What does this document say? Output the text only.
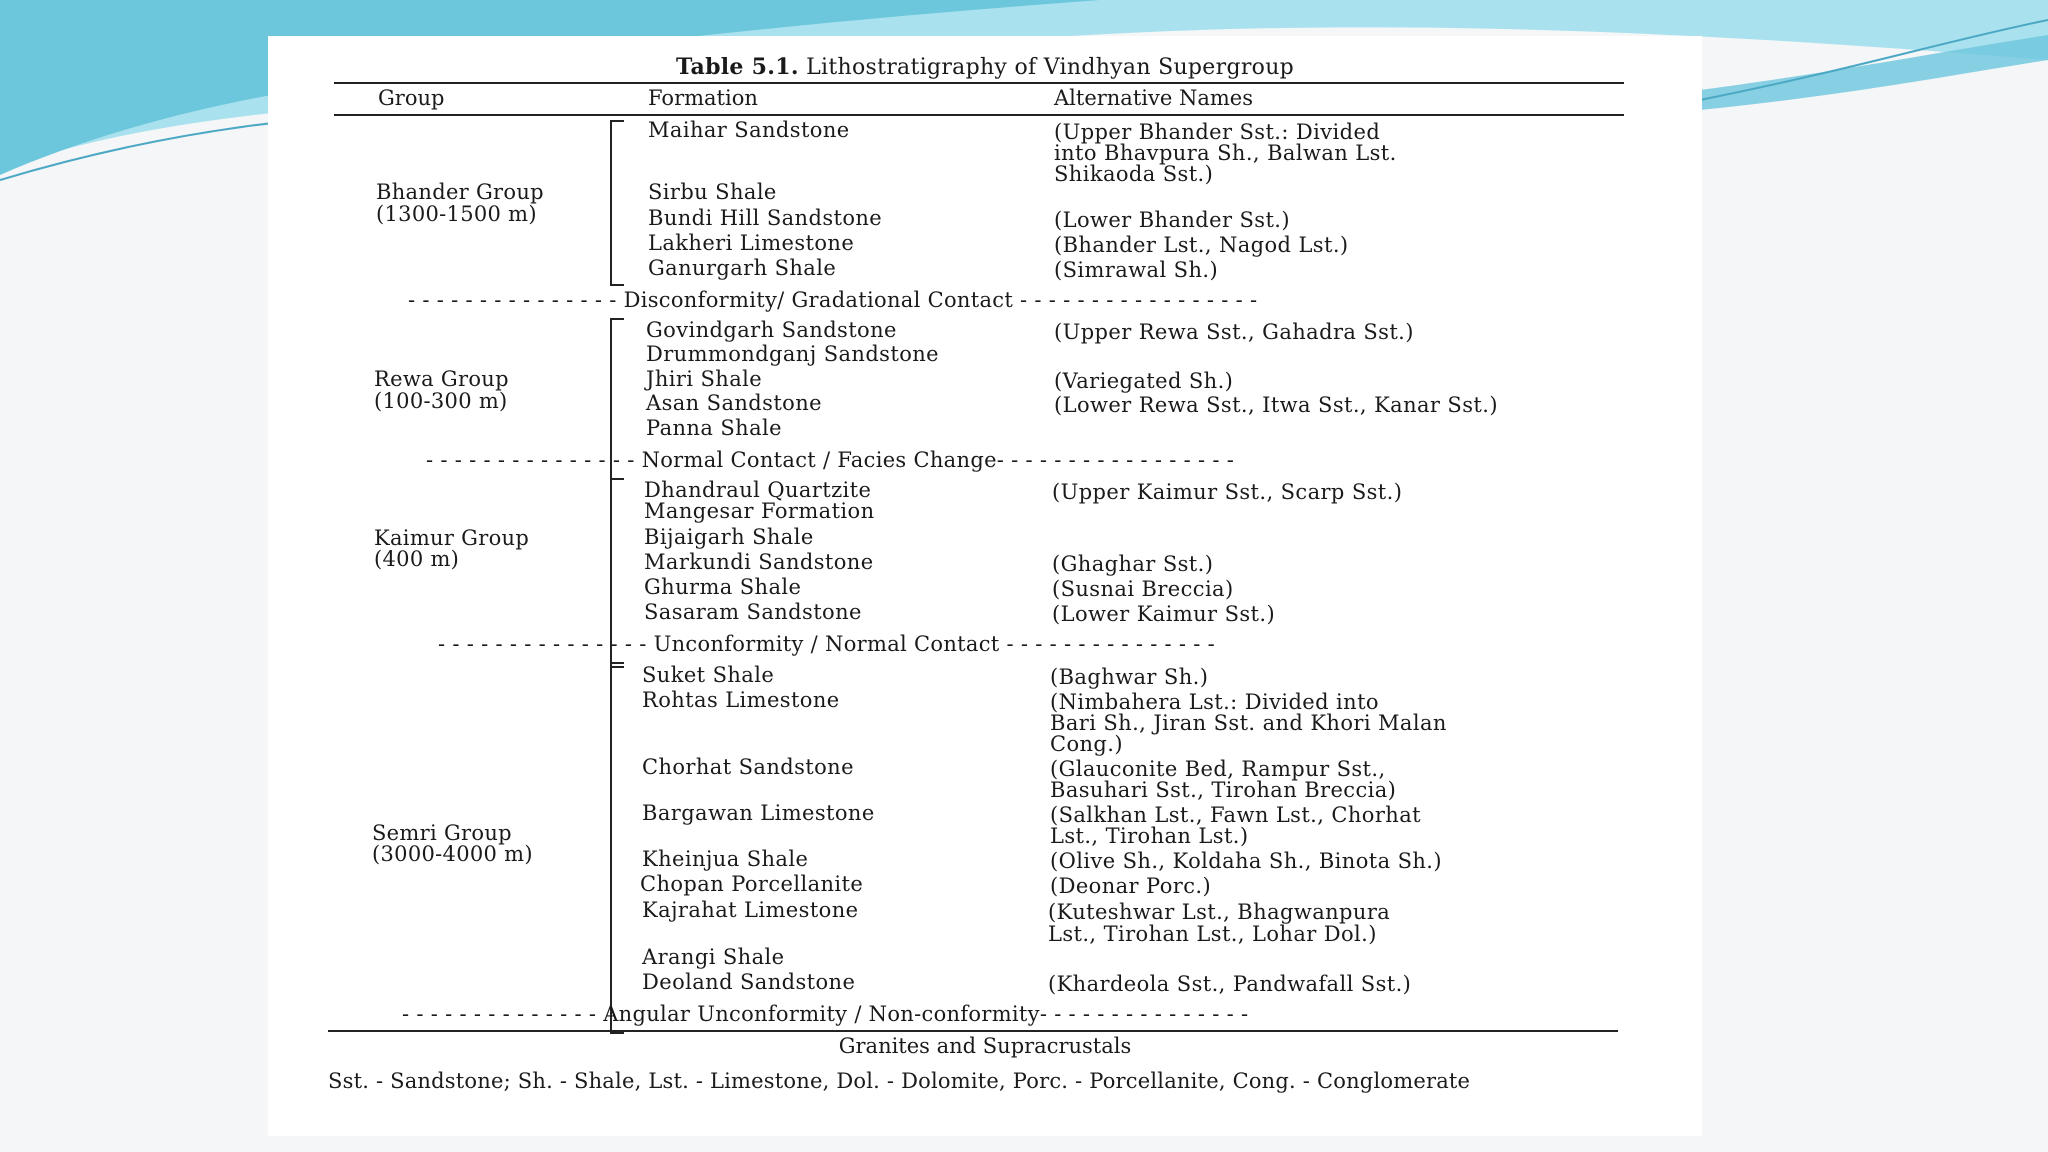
Table 5.1. Lithostratigraphy of Vindhyan Supergroup
Group	Formation	Alternative Names
Bhander Group
(1300-1500 m)
Maihar Sandstone	(Upper Bhander Sst.: Divided
into Bhavpura Sh., Balwan Lst.
Shikaoda Sst.)
Sirbu Shale
Bundi Hill Sandstone	(Lower Bhander Sst.)
Lakheri Limestone	(Bhander Lst., Nagod Lst.)
Ganurgarh Shale	(Simrawal Sh.)
- - - - - - - - - - - - - - - Disconformity/ Gradational Contact - - - - - - - - - - - - - - - - -
Rewa Group
(100-300 m)
Govindgarh Sandstone	(Upper Rewa Sst., Gahadra Sst.)
Drummondganj Sandstone
Jhiri Shale	(Variegated Sh.)
Asan Sandstone	(Lower Rewa Sst., Itwa Sst., Kanar Sst.)
Panna Shale
- - - - - - - - - - - - - - - Normal Contact / Facies Change- - - - - - - - - - - - - - - - -
Kaimur Group
(400 m)
Dhandraul Quartzite	(Upper Kaimur Sst., Scarp Sst.)
Mangesar Formation
Bijaigarh Shale
Markundi Sandstone	(Ghaghar Sst.)
Ghurma Shale	(Susnai Breccia)
Sasaram Sandstone	(Lower Kaimur Sst.)
- - - - - - - - - - - - - - - Unconformity / Normal Contact - - - - - - - - - - - - - - -
Semri Group
(3000-4000 m)
Suket Shale	(Baghwar Sh.)
Rohtas Limestone	(Nimbahera Lst.: Divided into
Bari Sh., Jiran Sst. and Khori Malan
Cong.)
Chorhat Sandstone	(Glauconite Bed, Rampur Sst.,
Basuhari Sst., Tirohan Breccia)
Bargawan Limestone	(Salkhan Lst., Fawn Lst., Chorhat
Lst., Tirohan Lst.)
Kheinjua Shale	(Olive Sh., Koldaha Sh., Binota Sh.)
Chopan Porcellanite	(Deonar Porc.)
Kajrahat Limestone	(Kuteshwar Lst., Bhagwanpura
Lst., Tirohan Lst., Lohar Dol.)
Arangi Shale
Deoland Sandstone	(Khardeola Sst., Pandwafall Sst.)
- - - - - - - - - - - - - - Angular Unconformity / Non-conformity- - - - - - - - - - - - - - -
Granites and Supracrustals
Sst. - Sandstone; Sh. - Shale, Lst. - Limestone, Dol. - Dolomite, Porc. - Porcellanite, Cong. - Conglomerate
